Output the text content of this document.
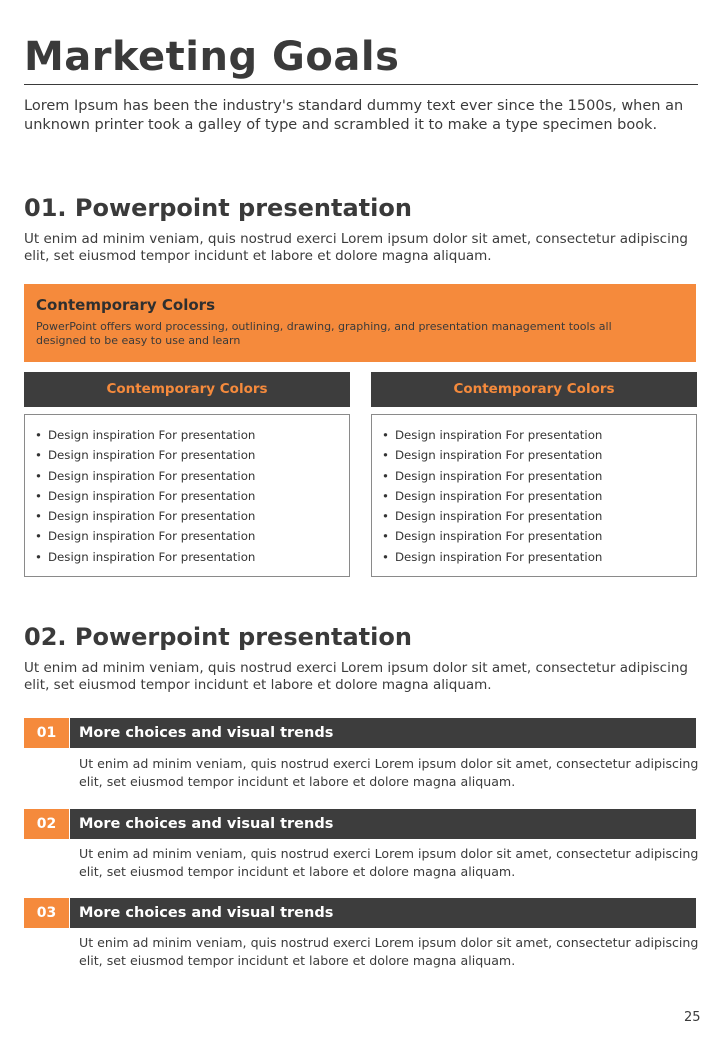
Marketing Goals
Lorem Ipsum has been the industry's standard dummy text ever since the 1500s, when an unknown printer took a galley of type and scrambled it to make a type specimen book.
01. Powerpoint presentation
Ut enim ad minim veniam, quis nostrud exerci Lorem ipsum dolor sit amet, consectetur adipiscing elit, set eiusmod tempor incidunt et labore et dolore magna aliquam.
Contemporary Colors
PowerPoint offers word processing, outlining, drawing, graphing, and presentation management tools all designed to be easy to use and learn
Contemporary Colors	Contemporary Colors
• Design inspiration For presentation
• Design inspiration For presentation
• Design inspiration For presentation
• Design inspiration For presentation
• Design inspiration For presentation
• Design inspiration For presentation
• Design inspiration For presentation
• Design inspiration For presentation
• Design inspiration For presentation
• Design inspiration For presentation
• Design inspiration For presentation
• Design inspiration For presentation
• Design inspiration For presentation
• Design inspiration For presentation
02. Powerpoint presentation
Ut enim ad minim veniam, quis nostrud exerci Lorem ipsum dolor sit amet, consectetur adipiscing elit, set eiusmod tempor incidunt et labore et dolore magna aliquam.
01	More choices and visual trends
Ut enim ad minim veniam, quis nostrud exerci Lorem ipsum dolor sit amet, consectetur adipiscing elit, set eiusmod tempor incidunt et labore et dolore magna aliquam.
02	More choices and visual trends
Ut enim ad minim veniam, quis nostrud exerci Lorem ipsum dolor sit amet, consectetur adipiscing elit, set eiusmod tempor incidunt et labore et dolore magna aliquam.
03	More choices and visual trends
Ut enim ad minim veniam, quis nostrud exerci Lorem ipsum dolor sit amet, consectetur adipiscing elit, set eiusmod tempor incidunt et labore et dolore magna aliquam.
25
